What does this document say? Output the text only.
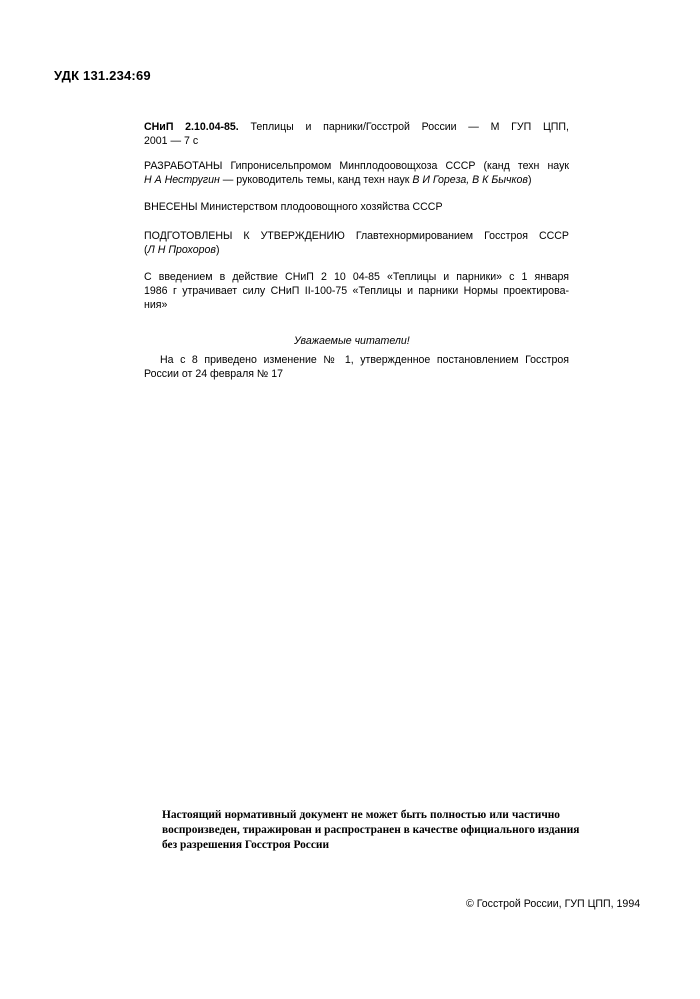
УДК 131.234:69
СНиП 2.10.04-85. Теплицы и парники/Госстрой России — М ГУП ЦПП,
2001 — 7 с
РАЗРАБОТАНЫ Гипронисельпромом Минплодоовощхоза СССР (канд техн наук
Н А Нестругин — руководитель темы, канд техн наук В И Гореза, В К Бычков)
ВНЕСЕНЫ Министерством плодоовощного хозяйства СССР
ПОДГОТОВЛЕНЫ К УТВЕРЖДЕНИЮ Главтехнормированием Госстроя СССР
(Л Н Прохоров)
С введением в действие СНиП 2 10 04-85 «Теплицы и парники» с 1 января
1986 г утрачивает силу СНиП II-100-75 «Теплицы и парники Нормы проектирова-
ния»
Уважаемые читатели!
На с 8 приведено изменение № 1, утвержденное постановлением Госстроя
России от 24 февраля № 17
Настоящий нормативный документ не может быть полностью или частично
воспроизведен, тиражирован и распространен в качестве официального издания
без разрешения Госстроя России
© Госстрой России, ГУП ЦПП, 1994
